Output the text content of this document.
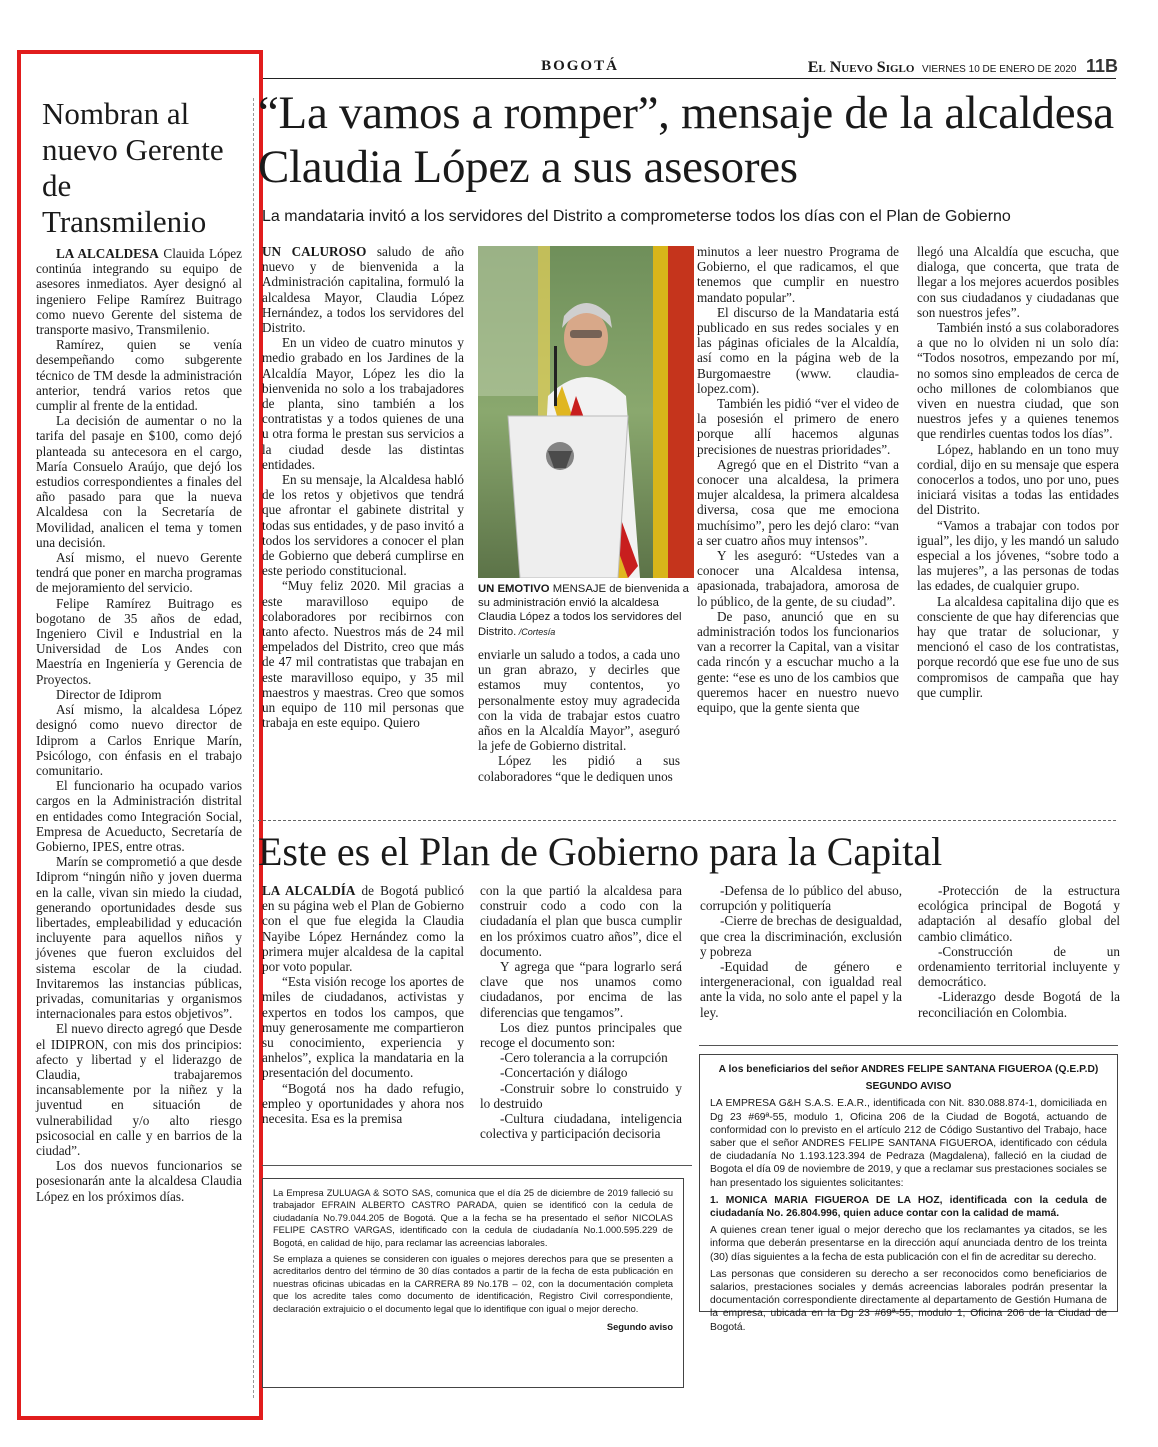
BOGOTÁ	El Nuevo Siglo VIERNES 10 DE ENERO DE 2020 11B
Nombran al nuevo Gerente de Transmilenio

LA ALCALDESA Clauida López continúa integrando su equipo de asesores inmediatos. Ayer designó al ingeniero Felipe Ramírez Buitrago como nuevo Gerente del sistema de transporte masivo, Transmilenio.

Ramírez, quien se venía desempeñando como subgerente técnico de TM desde la administración anterior, tendrá varios retos que cumplir al frente de la entidad.

La decisión de aumentar o no la tarifa del pasaje en $100, como dejó planteada su antecesora en el cargo, María Consuelo Araújo, que dejó los estudios correspondientes a finales del año pasado para que la nueva Alcaldesa con la Secretaría de Movilidad, analicen el tema y tomen una decisión.

Así mismo, el nuevo Gerente tendrá que poner en marcha programas de mejoramiento del servicio.

Felipe Ramírez Buitrago es bogotano de 35 años de edad, Ingeniero Civil e Industrial en la Universidad de Los Andes con Maestría en Ingeniería y Gerencia de Proyectos.

Director de Idiprom

Así mismo, la alcaldesa López designó como nuevo director de Idiprom a Carlos Enrique Marín, Psicólogo, con énfasis en el trabajo comunitario.

El funcionario ha ocupado varios cargos en la Administración distrital en entidades como Integración Social, Empresa de Acueducto, Secretaría de Gobierno, IPES, entre otras.

Marín se comprometió a que desde Idiprom “ningún niño y joven duerma en la calle, vivan sin miedo la ciudad, generando oportunidades desde sus libertades, empleabilidad y educación incluyente para aquellos niños y jóvenes que fueron excluidos del sistema escolar de la ciudad. Invitaremos las instancias públicas, privadas, comunitarias y organismos internacionales para estos objetivos”.

El nuevo directo agregó que Desde el IDIPRON, con mis dos principios: afecto y libertad y el liderazgo de Claudia, trabajaremos incansablemente por la niñez y la juventud en situación de vulnerabilidad y/o alto riesgo psicosocial en calle y en barrios de la ciudad”.

Los dos nuevos funcionarios se posesionarán ante la alcaldesa Claudia López en los próximos días.

“La vamos a romper”, mensaje de la alcaldesa Claudia López a sus asesores
La mandataria invitó a los servidores del Distrito a comprometerse todos los días con el Plan de Gobierno

UN CALUROSO saludo de año nuevo y de bienvenida a la Administración capitalina, formuló la alcaldesa Mayor, Claudia López Hernández, a todos los servidores del Distrito.

En un video de cuatro minutos y medio grabado en los Jardines de la Alcaldía Mayor, López les dio la bienvenida no solo a los trabajadores de planta, sino también a los contratistas y a todos quienes de una u otra forma le prestan sus servicios a la ciudad desde las distintas entidades.

En su mensaje, la Alcaldesa habló de los retos y objetivos que tendrá que afrontar el gabinete distrital y todas sus entidades, y de paso invitó a todos los servidores a conocer el plan de Gobierno que deberá cumplirse en este periodo constitucional.

“Muy feliz 2020. Mil gracias a este maravilloso equipo de colaboradores por recibirnos con tanto afecto. Nuestros más de 24 mil empelados del Distrito, creo que más de 47 mil contratistas que trabajan en este maravilloso equipo, y 35 mil maestros y maestras. Creo que somos un equipo de 110 mil personas que trabaja en este equipo. Quiero

UN EMOTIVO MENSAJE de bienvenida a su administración envió la alcaldesa Claudia López a todos los servidores del Distrito. /Cortesía

enviarle un saludo a todos, a cada uno un gran abrazo, y decirles que estamos muy contentos, yo personalmente estoy muy agradecida con la vida de trabajar estos cuatro años en la Alcaldía Mayor”, aseguró la jefe de Gobierno distrital.

López les pidió a sus colaboradores “que le dediquen unos

minutos a leer nuestro Programa de Gobierno, el que radicamos, el que tenemos que cumplir en nuestro mandato popular”.

El discurso de la Mandataria está publicado en sus redes sociales y en las páginas oficiales de la Alcaldía, así como en la página web de la Burgomaestre (www. claudia-lopez.com).

También les pidió “ver el video de la posesión el primero de enero porque allí hacemos algunas precisiones de nuestras prioridades”.

Agregó que en el Distrito “van a conocer una alcaldesa, la primera mujer alcaldesa, la primera alcaldesa diversa, cosa que me emociona muchísimo”, pero les dejó claro: “van a ser cuatro años muy intensos”.

Y les aseguró: “Ustedes van a conocer una Alcaldesa intensa, apasionada, trabajadora, amorosa de lo público, de la gente, de su ciudad”.

De paso, anunció que en su administración todos los funcionarios van a recorrer la Capital, van a visitar cada rincón y a escuchar mucho a la gente: “ese es uno de los cambios que queremos hacer en nuestro nuevo equipo, que la gente sienta que

llegó una Alcaldía que escucha, que dialoga, que concerta, que trata de llegar a los mejores acuerdos posibles con sus ciudadanos y ciudadanas que son nuestros jefes”.

También instó a sus colaboradores a que no lo olviden ni un solo día: “Todos nosotros, empezando por mí, no somos sino empleados de cerca de ocho millones de colombianos que viven en nuestra ciudad, que son nuestros jefes y a quienes tenemos que rendirles cuentas todos los días”.

López, hablando en un tono muy cordial, dijo en su mensaje que espera conocerlos a todos, uno por uno, pues iniciará visitas a todas las entidades del Distrito.

“Vamos a trabajar con todos por igual”, les dijo, y les mandó un saludo especial a los jóvenes, “sobre todo a las mujeres”, a las personas de todas las edades, de cualquier grupo.

La alcaldesa capitalina dijo que es consciente de que hay diferencias que hay que tratar de solucionar, y mencionó el caso de los contratistas, porque recordó que ese fue uno de sus compromisos de campaña que hay que cumplir.

Este es el Plan de Gobierno para la Capital

LA ALCALDÍA de Bogotá publicó en su página web el Plan de Gobierno con el que fue elegida la Claudia Nayibe López Hernández como la primera mujer alcaldesa de la capital por voto popular.

“Esta visión recoge los aportes de miles de ciudadanos, activistas y expertos en todos los campos, que muy generosamente me compartieron su conocimiento, experiencia y anhelos”, explica la mandataria en la presentación del documento.

“Bogotá nos ha dado refugio, empleo y oportunidades y ahora nos necesita. Esa es la premisa

con la que partió la alcaldesa para construir codo a codo con la ciudadanía el plan que busca cumplir en los próximos cuatro años”, dice el documento.

Y agrega que “para lograrlo será clave que nos unamos como ciudadanos, por encima de las diferencias que tengamos”.

Los diez puntos principales que recoge el documento son:

-Cero tolerancia a la corrupción

-Concertación y diálogo

-Construir sobre lo construido y lo destruido

-Cultura ciudadana, inteligencia colectiva y participación decisoria

-Defensa de lo público del abuso, corrupción y politiquería

-Cierre de brechas de desigualdad, que crea la discriminación, exclusión y pobreza

-Equidad de género e intergeneracional, con igualdad real ante la vida, no solo ante el papel y la ley.

-Protección de la estructura ecológica principal de Bogotá y adaptación al desafío global del cambio climático.

-Construcción de un ordenamiento territorial incluyente y democrático.

-Liderazgo desde Bogotá de la reconciliación en Colombia.

A los beneficiarios del señor ANDRES FELIPE SANTANA FIGUEROA (Q.E.P.D)

SEGUNDO AVISO

LA EMPRESA G&H S.A.S. E.A.R., identificada con Nit. 830.088.874-1, domiciliada en Dg 23 #69ª-55, modulo 1, Oficina 206 de la Ciudad de Bogotá, actuando de conformidad con lo previsto en el artículo 212 de Código Sustantivo del Trabajo, hace saber que el señor ANDRES FELIPE SANTANA FIGUEROA, identificado con cédula de ciudadanía No 1.193.123.394 de Pedraza (Magdalena), falleció en la ciudad de Bogota el día 09 de noviembre de 2019, y que a reclamar sus prestaciones sociales se han presentado los siguientes solicitantes:

1. MONICA MARIA FIGUEROA DE LA HOZ, identificada con la cedula de ciudadanía No. 26.804.996, quien aduce contar con la calidad de mamá.

A quienes crean tener igual o mejor derecho que los reclamantes ya citados, se les informa que deberán presentarse en la dirección aquí anunciada dentro de los treinta (30) días siguientes a la fecha de esta publicación con el fin de acreditar su derecho.

Las personas que consideren su derecho a ser reconocidos como beneficiarios de salarios, prestaciones sociales y demás acreencias laborales podrán presentar la documentación correspondiente directamente al departamento de Gestión Humana de la empresa, ubicada en la Dg 23 #69ª-55, modulo 1, Oficina 206 de la Ciudad de Bogotá.

La Empresa ZULUAGA & SOTO SAS, comunica que el día 25 de diciembre de 2019 falleció su trabajador EFRAIN ALBERTO CASTRO PARADA, quien se identificó con la cedula de ciudadanía No.79.044.205 de Bogotá. Que a la fecha se ha presentado el señor NICOLAS FELIPE CASTRO VARGAS, identificado con la cedula de ciudadanía No.1.000.595.229 de Bogotá, en calidad de hijo, para reclamar las acreencias laborales.

Se emplaza a quienes se consideren con iguales o mejores derechos para que se presenten a acreditarlos dentro del término de 30 días contados a partir de la fecha de esta publicación en nuestras oficinas ubicadas en la CARRERA 89 No.17B – 02, con la documentación completa que los acredite tales como documento de identificación, Registro Civil correspondiente, declaración extrajuicio o el documento legal que lo identifique con igual o mejor derecho.

Segundo aviso
